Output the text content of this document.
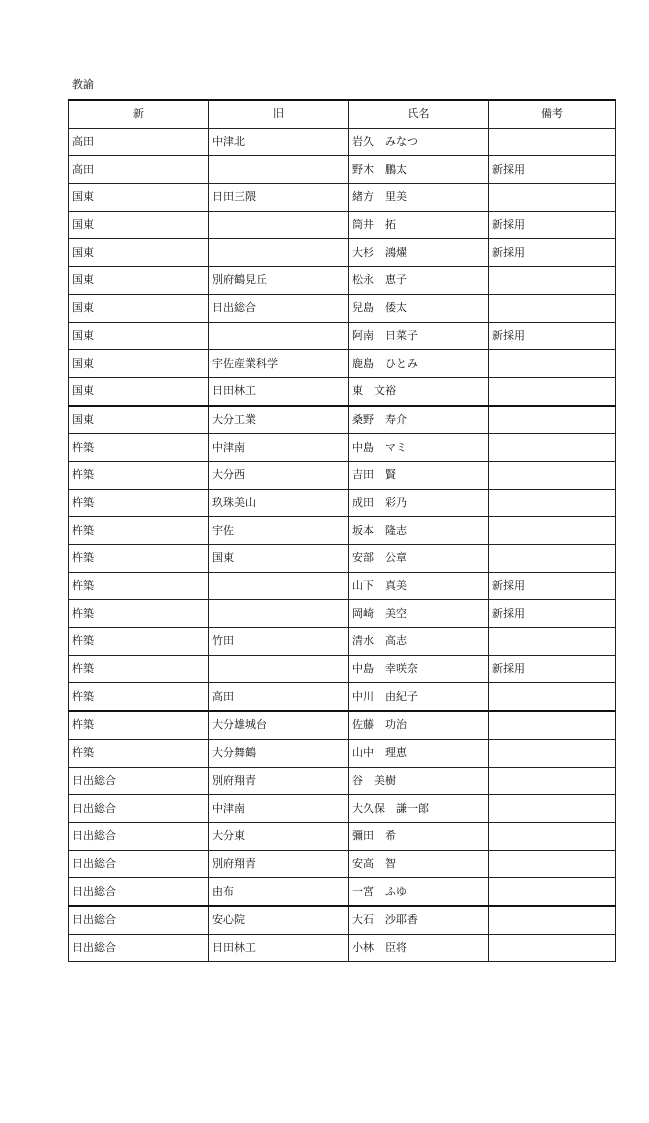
教諭
新	旧	氏名	備考
高田	中津北	岩久　みなつ	
高田		野木　鵬太	新採用
国東	日田三隈	緒方　里美	
国東		筒井　拓	新採用
国東		大杉　鴻燿	新採用
国東	別府鶴見丘	松永　恵子	
国東	日出総合	兒島　倭太	
国東		阿南　日菜子	新採用
国東	宇佐産業科学	鹿島　ひとみ	
国東	日田林工	東　文裕	
国東	大分工業	桑野　寿介	
杵築	中津南	中島　マミ	
杵築	大分西	吉田　賢	
杵築	玖珠美山	成田　彩乃	
杵築	宇佐	坂本　隆志	
杵築	国東	安部　公章	
杵築		山下　真美	新採用
杵築		岡崎　美空	新採用
杵築	竹田	清水　高志	
杵築		中島　幸咲奈	新採用
杵築	高田	中川　由紀子	
杵築	大分雄城台	佐藤　功治	
杵築	大分舞鶴	山中　理恵	
日出総合	別府翔青	谷　美樹	
日出総合	中津南	大久保　謙一郎	
日出総合	大分東	彌田　希	
日出総合	別府翔青	安高　智	
日出総合	由布	一宮　ふゆ	
日出総合	安心院	大石　沙耶香	
日出総合	日田林工	小林　臣将	
